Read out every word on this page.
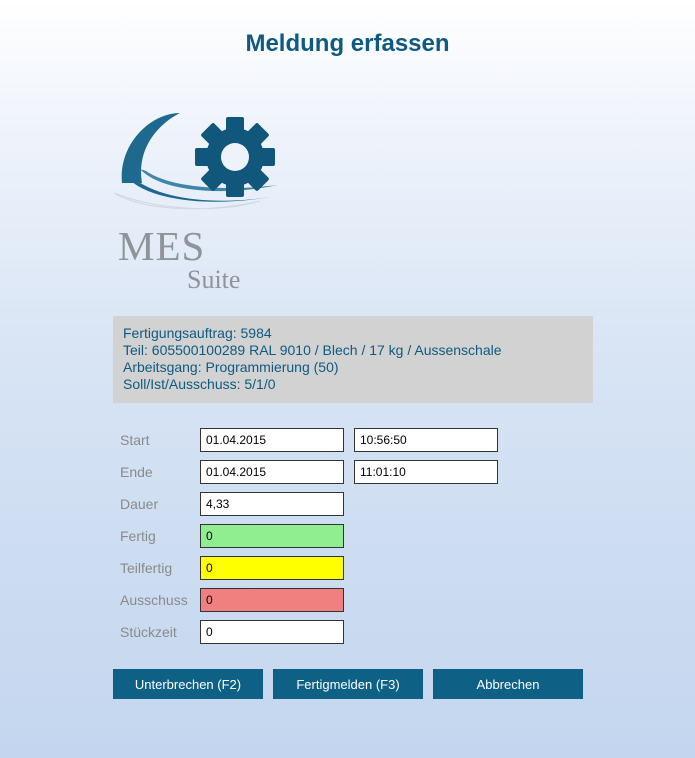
Meldung erfassen
MES
Suite
Fertigungsauftrag: 5984
Teil: 605500100289 RAL 9010 / Blech / 17 kg / Aussenschale
Arbeitsgang: Programmierung (50)
Soll/Ist/Ausschuss: 5/1/0
Start
01.04.2015
10:56:50
Ende
01.04.2015
11:01:10
Dauer
4,33
Fertig
0
Teilfertig
0
Ausschuss
0
Stückzeit
0
Unterbrechen (F2)	Fertigmelden (F3)	Abbrechen
